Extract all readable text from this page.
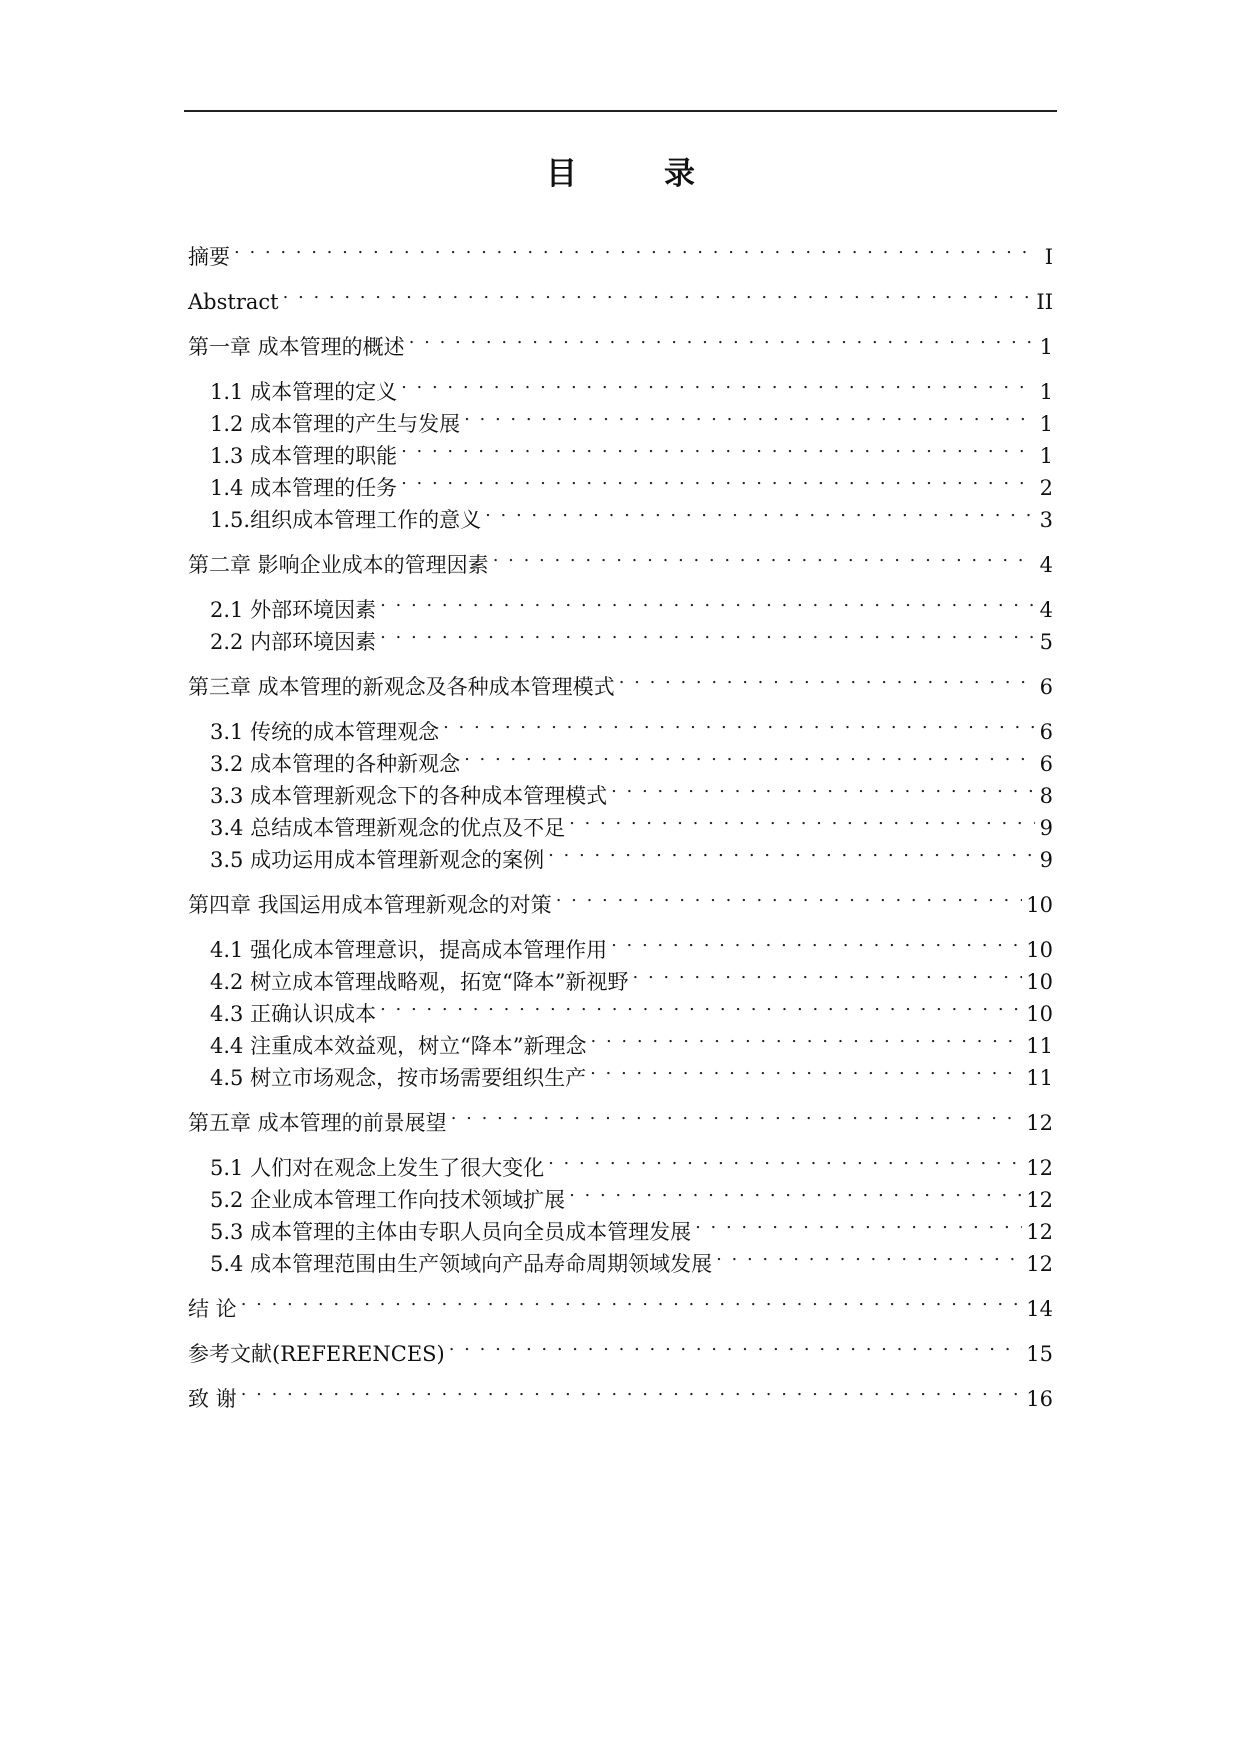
目　录
摘要 . . .	I
Abstract . . .	II
第一章 成本管理的概述 . . .	1
1.1 成本管理的定义 . . .	1
1.2 成本管理的产生与发展 . . .	1
1.3 成本管理的职能 . . .	1
1.4 成本管理的任务 . . .	2
1.5.组织成本管理工作的意义 . . .	3
第二章 影响企业成本的管理因素 . . .	4
2.1 外部环境因素 . . .	4
2.2 内部环境因素 . . .	5
第三章 成本管理的新观念及各种成本管理模式 . . .	6
3.1 传统的成本管理观念 . . .	6
3.2 成本管理的各种新观念 . . .	6
3.3 成本管理新观念下的各种成本管理模式 . . .	8
3.4 总结成本管理新观念的优点及不足 . . .	9
3.5 成功运用成本管理新观念的案例 . . .	9
第四章 我国运用成本管理新观念的对策 . . .	10
4.1 强化成本管理意识，提高成本管理作用 . . .	10
4.2 树立成本管理战略观，拓宽“降本”新视野 . . .	10
4.3 正确认识成本 . . .	10
4.4 注重成本效益观，树立“降本”新理念 . . .	11
4.5 树立市场观念，按市场需要组织生产 . . .	11
第五章 成本管理的前景展望 . . .	12
5.1 人们对在观念上发生了很大变化 . . .	12
5.2 企业成本管理工作向技术领域扩展 . . .	12
5.3 成本管理的主体由专职人员向全员成本管理发展 . . .	12
5.4 成本管理范围由生产领域向产品寿命周期领域发展 . . .	12
结 论 . . .	14
参考文献(REFERENCES) . . .	15
致 谢 . . .	16
